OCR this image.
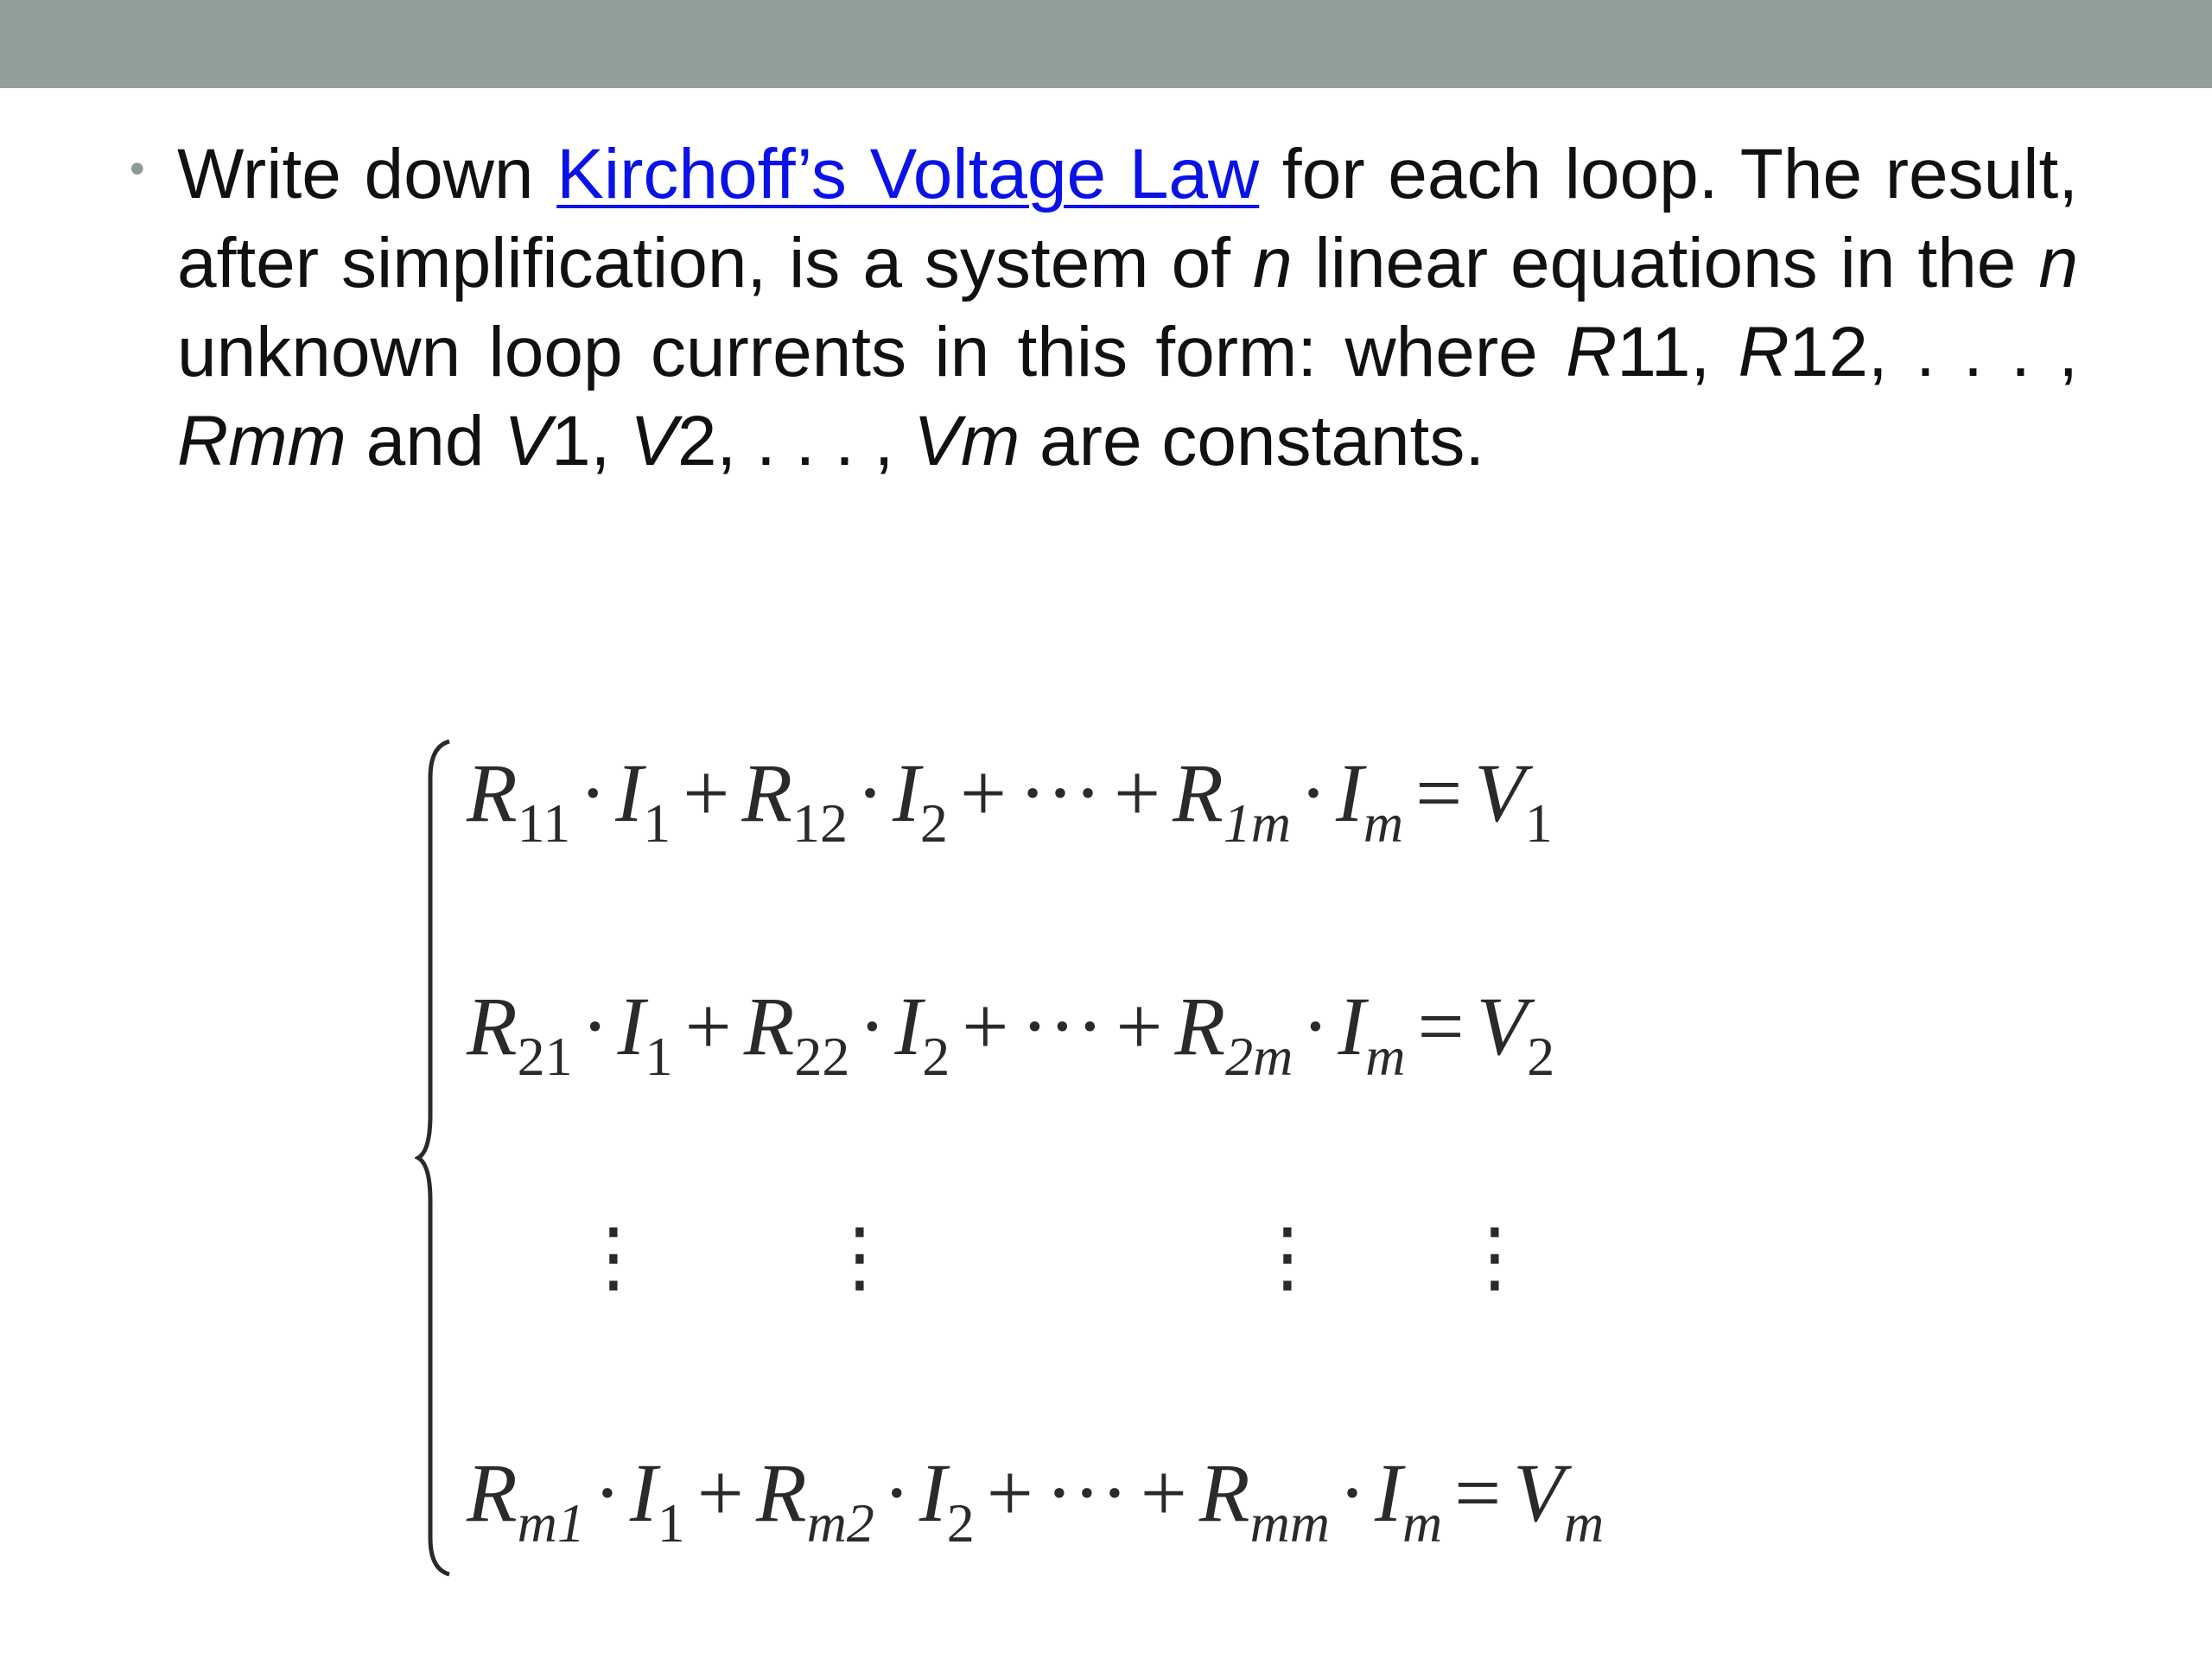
• Write down Kirchoff’s Voltage Law for each loop. The result, after simplification, is a system of n linear equations in the n unknown loop currents in this form: where R11, R12, . . . , Rmm and V1, V2, . . . , Vm are constants.

$R_{11} \cdot I_1 + R_{12} \cdot I_2$ + ··· + $R_{1m} \cdot I_m = V_1$
$R_{21} \cdot I_1 + R_{22} \cdot I_2$ + ··· + $R_{2m} \cdot I_m = V_2$
⋮ ⋮	⋮ ⋮
$R_{m1} \cdot I_1 + R_{m2} \cdot I_2$ + ··· + $R_{mm} \cdot I_m = V_m$
